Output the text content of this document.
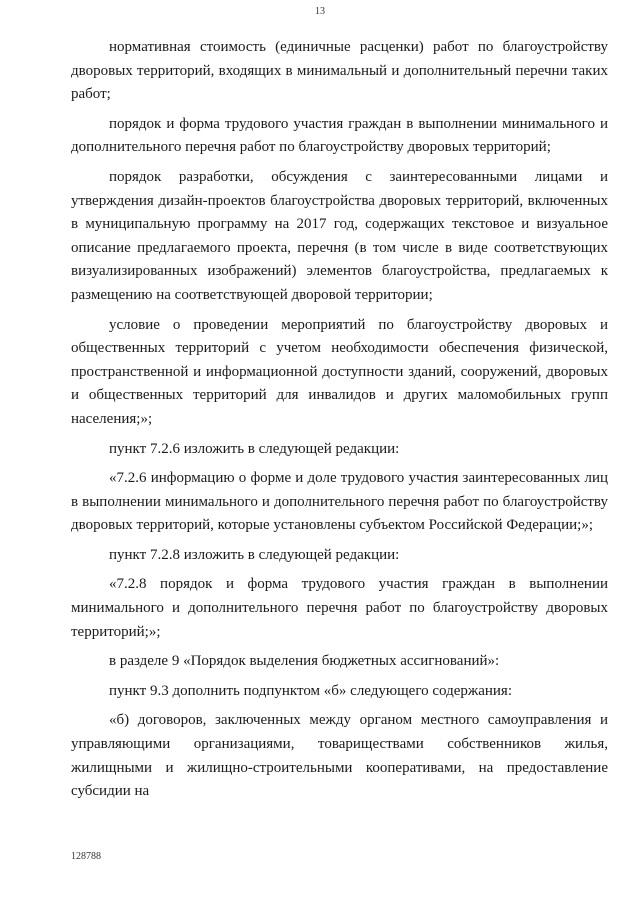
13

нормативная стоимость (единичные расценки) работ по благоустройству дворовых территорий, входящих в минимальный и дополнительный перечни таких работ;

порядок и форма трудового участия граждан в выполнении минимального и дополнительного перечня работ по благоустройству дворовых территорий;

порядок разработки, обсуждения с заинтересованными лицами и утверждения дизайн-проектов благоустройства дворовых территорий, включенных в муниципальную программу на 2017 год, содержащих текстовое и визуальное описание предлагаемого проекта, перечня (в том числе в виде соответствующих визуализированных изображений) элементов благоустройства, предлагаемых к размещению на соответствующей дворовой территории;

условие о проведении мероприятий по благоустройству дворовых и общественных территорий с учетом необходимости обеспечения физической, пространственной и информационной доступности зданий, сооружений, дворовых и общественных территорий для инвалидов и других маломобильных групп населения;»;

пункт 7.2.6 изложить в следующей редакции:

«7.2.6 информацию о форме и доле трудового участия заинтересованных лиц в выполнении минимального и дополнительного перечня работ по благоустройству дворовых территорий, которые установлены субъектом Российской Федерации;»;

пункт 7.2.8 изложить в следующей редакции:

«7.2.8 порядок и форма трудового участия граждан в выполнении минимального и дополнительного перечня работ по благоустройству дворовых территорий;»;

в разделе 9 «Порядок выделения бюджетных ассигнований»:

пункт 9.3 дополнить подпунктом «б» следующего содержания:

«б) договоров, заключенных между органом местного самоуправления и управляющими организациями, товариществами собственников жилья, жилищными и жилищно-строительными кооперативами, на предоставление субсидии на

128788
